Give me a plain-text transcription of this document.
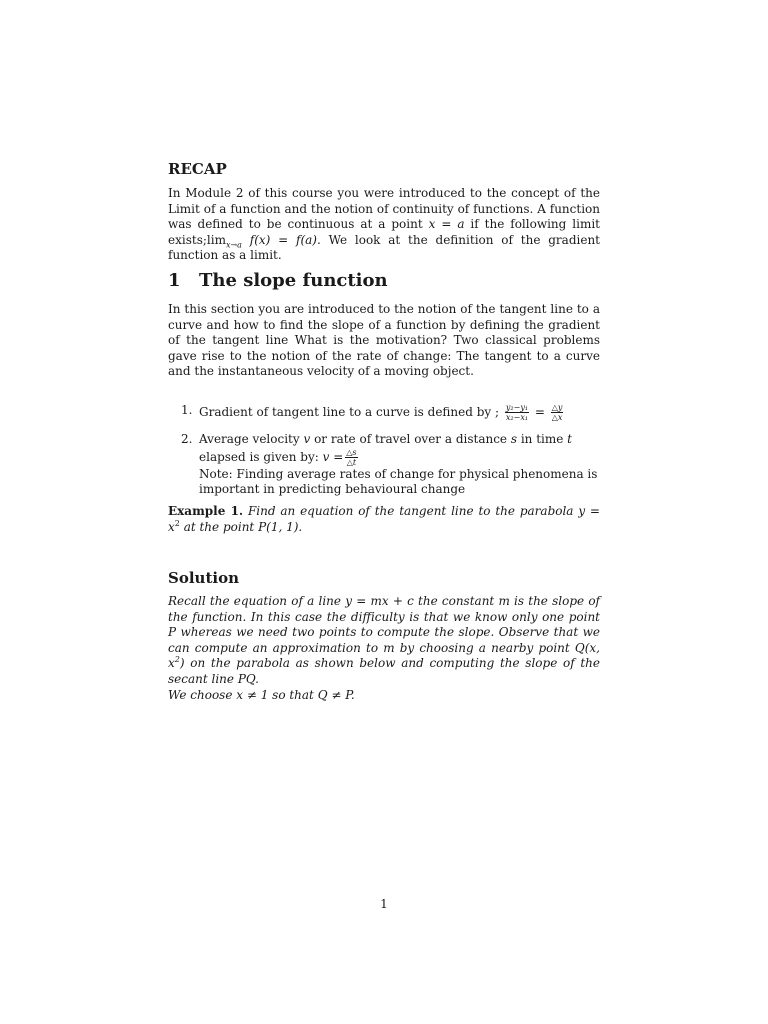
RECAP

In Module 2 of this course you were introduced to the concept of the Limit of a function and the notion of continuity of functions. A function was defined to be continuous at a point x = a if the following limit $exists;\lim_{x\to a}$ f(x) = f(a). We look at the definition of the gradient function as a limit.

1 The slope function

In this section you are introduced to the notion of the tangent line to a curve and how to find the slope of a function by defining the gradient of the tangent line What is the motivation? Two classical problems gave rise to the notion of the rate of change: The tangent to a curve and the instantaneous velocity of a moving object.

1. Gradient of tangent line to a curve is defined by ; $\frac{\text{y₂−y₁}}{\text{x₂−x₁}} = \frac{\triangle y}{\triangle x}$
2. Average velocity v or rate of travel over a distance s in time t elapsed is given by: $v = \frac{\triangle s}{\triangle t}$

Note: Finding average rates of change for physical phenomena is important in predicting behavioural change

Example 1. Find an equation of the tangent line to the parabola $y = x^2$ at the point P(1, 1).

Solution

Recall the equation of a line y = mx + c the constant m is the slope of the function. In this case the difficulty is that we know only one point P whereas we need two points to compute the slope. Observe that we can compute an approximation to m by choosing a nearby point Q(x, $x^2$) on the parabola as shown below and computing the slope of the secant line PQ.
We choose x ≠ 1 so that Q ≠ P.

1
